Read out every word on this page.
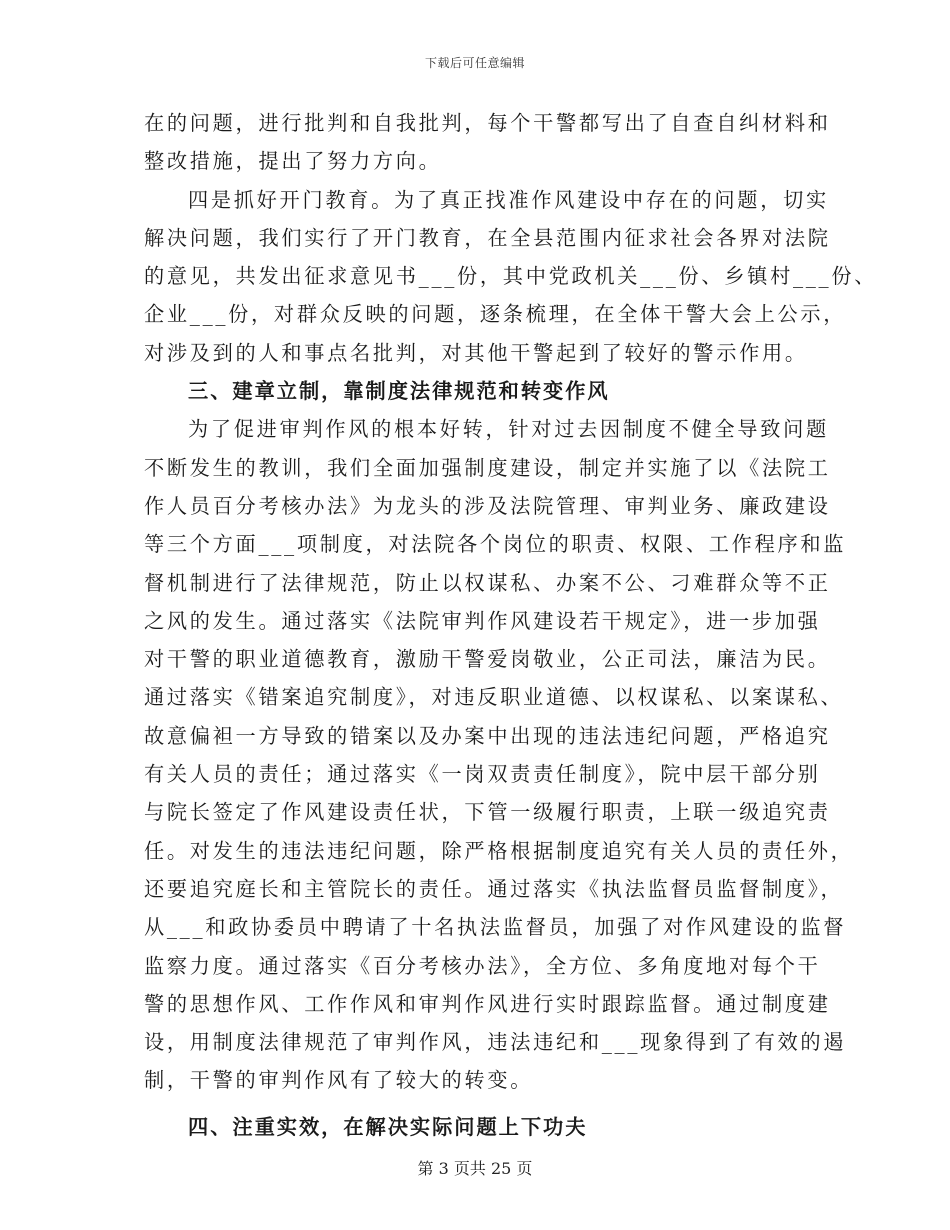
下载后可任意编辑
在的问题，进行批判和自我批判，每个干警都写出了自查自纠材料和
整改措施，提出了努力方向。
四是抓好开门教育。为了真正找准作风建设中存在的问题，切实
解决问题，我们实行了开门教育，在全县范围内征求社会各界对法院
的意见，共发出征求意见书___份，其中党政机关___份、乡镇村___份、
企业___份，对群众反映的问题，逐条梳理，在全体干警大会上公示，
对涉及到的人和事点名批判，对其他干警起到了较好的警示作用。
三、建章立制，靠制度法律规范和转变作风
为了促进审判作风的根本好转，针对过去因制度不健全导致问题
不断发生的教训，我们全面加强制度建设，制定并实施了以《法院工
作人员百分考核办法》为龙头的涉及法院管理、审判业务、廉政建设
等三个方面___项制度，对法院各个岗位的职责、权限、工作程序和监
督机制进行了法律规范，防止以权谋私、办案不公、刁难群众等不正
之风的发生。通过落实《法院审判作风建设若干规定》，进一步加强
对干警的职业道德教育，激励干警爱岗敬业，公正司法，廉洁为民。
通过落实《错案追究制度》，对违反职业道德、以权谋私、以案谋私、
故意偏袒一方导致的错案以及办案中出现的违法违纪问题，严格追究
有关人员的责任；通过落实《一岗双责责任制度》，院中层干部分别
与院长签定了作风建设责任状，下管一级履行职责，上联一级追究责
任。对发生的违法违纪问题，除严格根据制度追究有关人员的责任外，
还要追究庭长和主管院长的责任。通过落实《执法监督员监督制度》，
从___和政协委员中聘请了十名执法监督员，加强了对作风建设的监督
监察力度。通过落实《百分考核办法》，全方位、多角度地对每个干
警的思想作风、工作作风和审判作风进行实时跟踪监督。通过制度建
设，用制度法律规范了审判作风，违法违纪和___现象得到了有效的遏
制，干警的审判作风有了较大的转变。
四、注重实效，在解决实际问题上下功夫
第 3 页共 25 页
